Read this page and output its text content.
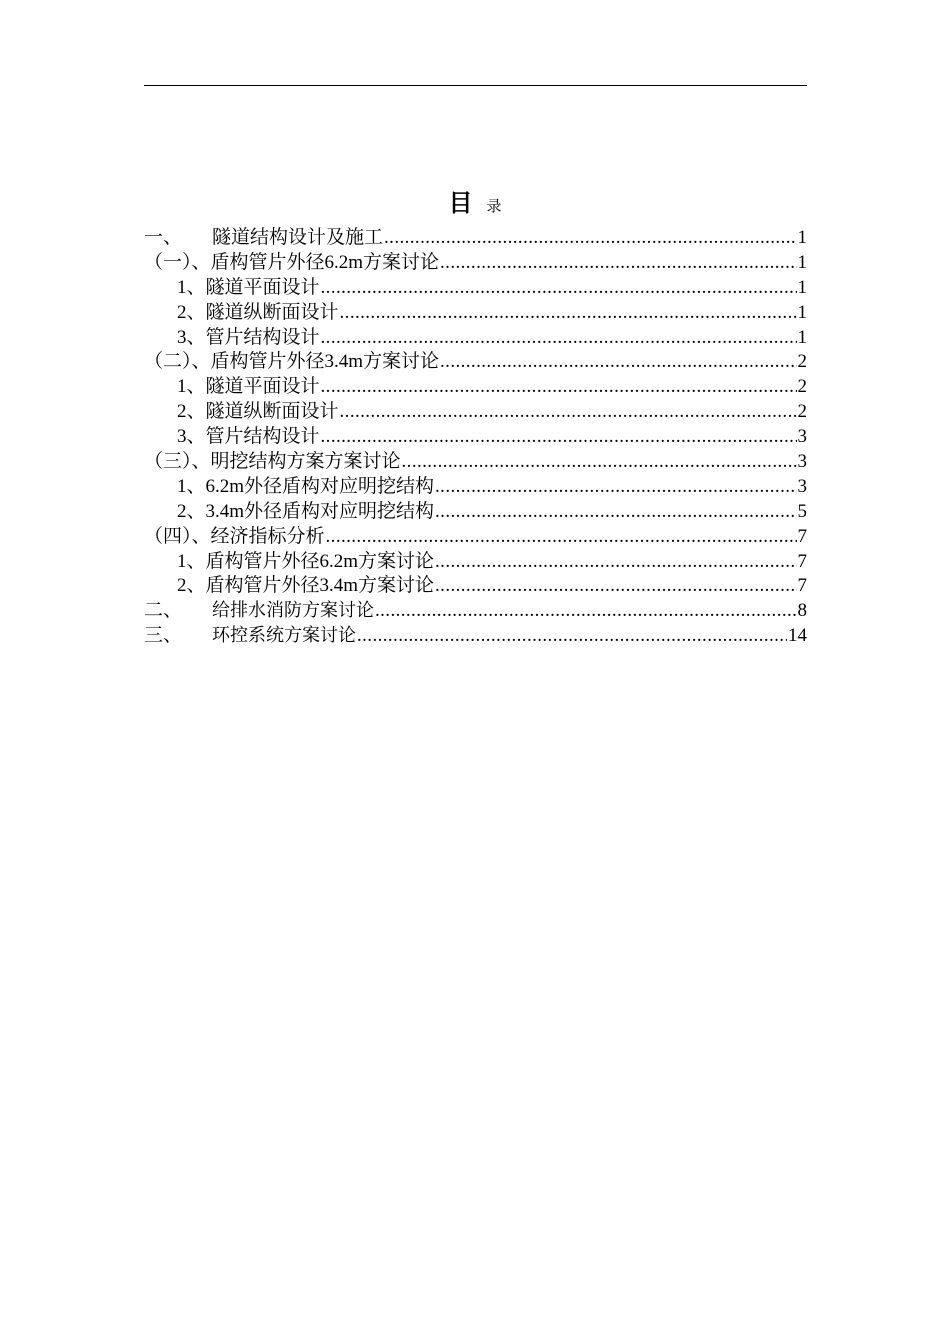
目录
一、	隧道结构设计及施工 .....	1
（一）、盾构管片外径6.2m方案讨论 .....	1
1、隧道平面设计 .....	1
2、隧道纵断面设计 .....	1
3、管片结构设计 .....	1
（二）、盾构管片外径3.4m方案讨论 .....	2
1、隧道平面设计 .....	2
2、隧道纵断面设计 .....	2
3、管片结构设计 .....	3
（三）、明挖结构方案方案讨论 .....	3
1、6.2m外径盾构对应明挖结构 .....	3
2、3.4m外径盾构对应明挖结构 .....	5
（四）、经济指标分析 .....	7
1、盾构管片外径6.2m方案讨论 .....	7
2、盾构管片外径3.4m方案讨论 .....	7
二、	给排水消防方案讨论 .....	8
三、	环控系统方案讨论 .....	14
